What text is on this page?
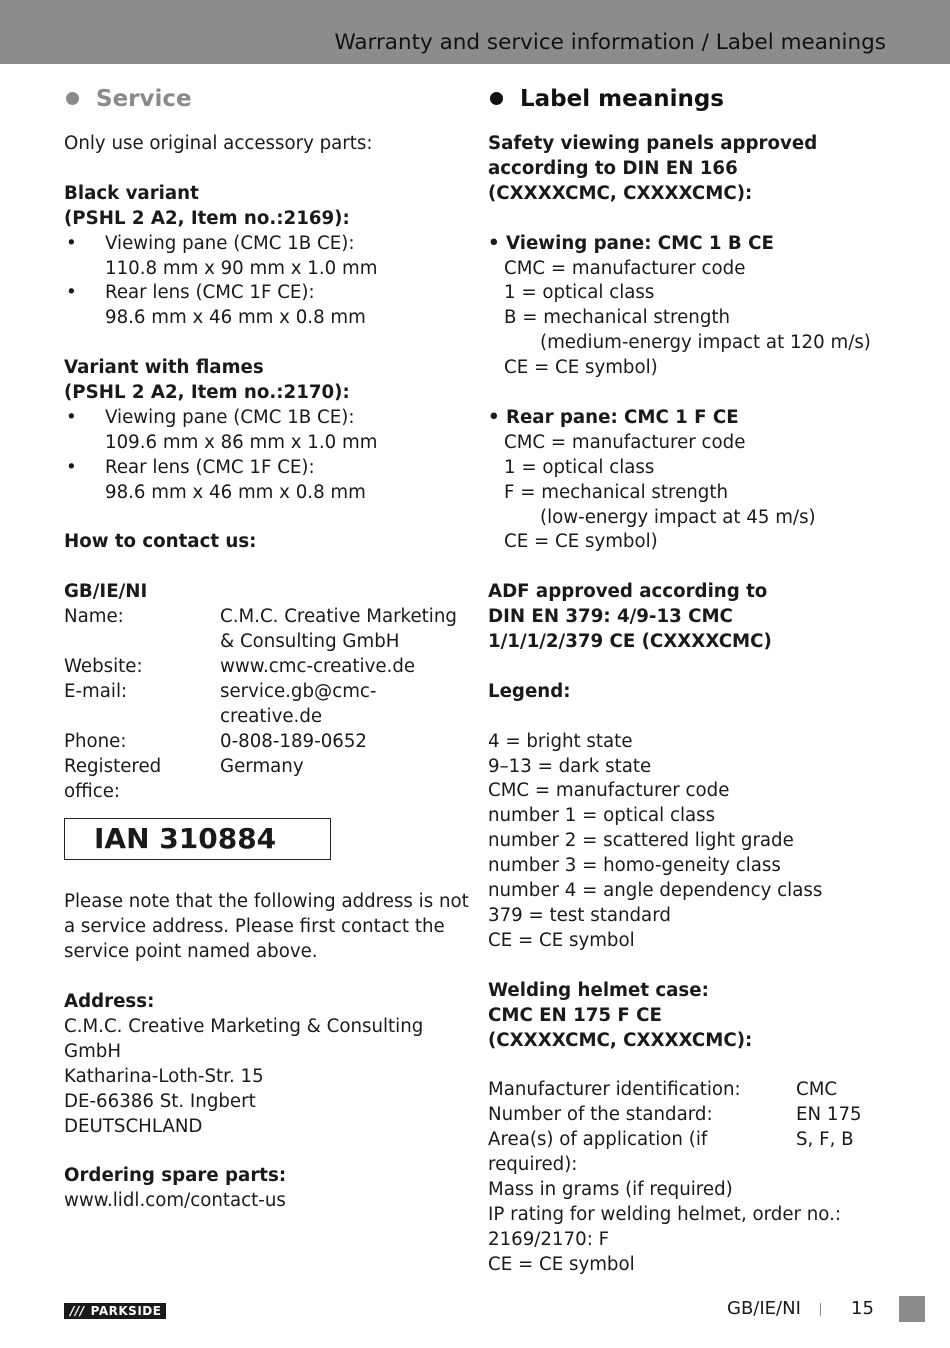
Warranty and service information / Label meanings
Service
Only use original accessory parts:
Black variant
(PSHL 2 A2, Item no.:2169):
• Viewing pane (CMC 1B CE):
110.8 mm x 90 mm x 1.0 mm
• Rear lens (CMC 1F CE):
98.6 mm x 46 mm x 0.8 mm
Variant with flames
(PSHL 2 A2, Item no.:2170):
• Viewing pane (CMC 1B CE):
109.6 mm x 86 mm x 1.0 mm
• Rear lens (CMC 1F CE):
98.6 mm x 46 mm x 0.8 mm
How to contact us:
GB/IE/NI
Name:	C.M.C. Creative Marketing
& Consulting GmbH
Website:	www.cmc-creative.de
E-mail:	service.gb@cmc-creative.de
Phone:	0-808-189-0652
Registered office:
Germany
IAN 310884
Please note that the following address is not
a service address. Please first contact the
service point named above.
Address:
C.M.C. Creative Marketing & Consulting
GmbH
Katharina-Loth-Str. 15
DE-66386 St. Ingbert
DEUTSCHLAND
Ordering spare parts:
www.lidl.com/contact-us
Label meanings
Safety viewing panels approved
according to DIN EN 166
(CXXXXCMC, CXXXXCMC):
• Viewing pane: CMC 1 B CE
CMC = manufacturer code
1 = optical class
B = mechanical strength
(medium-energy impact at 120 m/s)
CE = CE symbol)
• Rear pane: CMC 1 F CE
CMC = manufacturer code
1 = optical class
F = mechanical strength
(low-energy impact at 45 m/s)
CE = CE symbol)
ADF approved according to
DIN EN 379: 4/9-13 CMC
1/1/1/2/379 CE (CXXXXCMC)
Legend:
4 = bright state
9–13 = dark state
CMC = manufacturer code
number 1 = optical class
number 2 = scattered light grade
number 3 = homo-geneity class
number 4 = angle dependency class
379 = test standard
CE = CE symbol
Welding helmet case:
CMC EN 175 F CE
(CXXXXCMC, CXXXXCMC):
Manufacturer identification:	CMC
Number of the standard:	EN 175
Area(s) of application (if required):
S, F, B
Mass in grams (if required)
IP rating for welding helmet, order no.:
2169/2170: F
CE = CE symbol
/// PARKSIDE	GB/IE/NI	15
